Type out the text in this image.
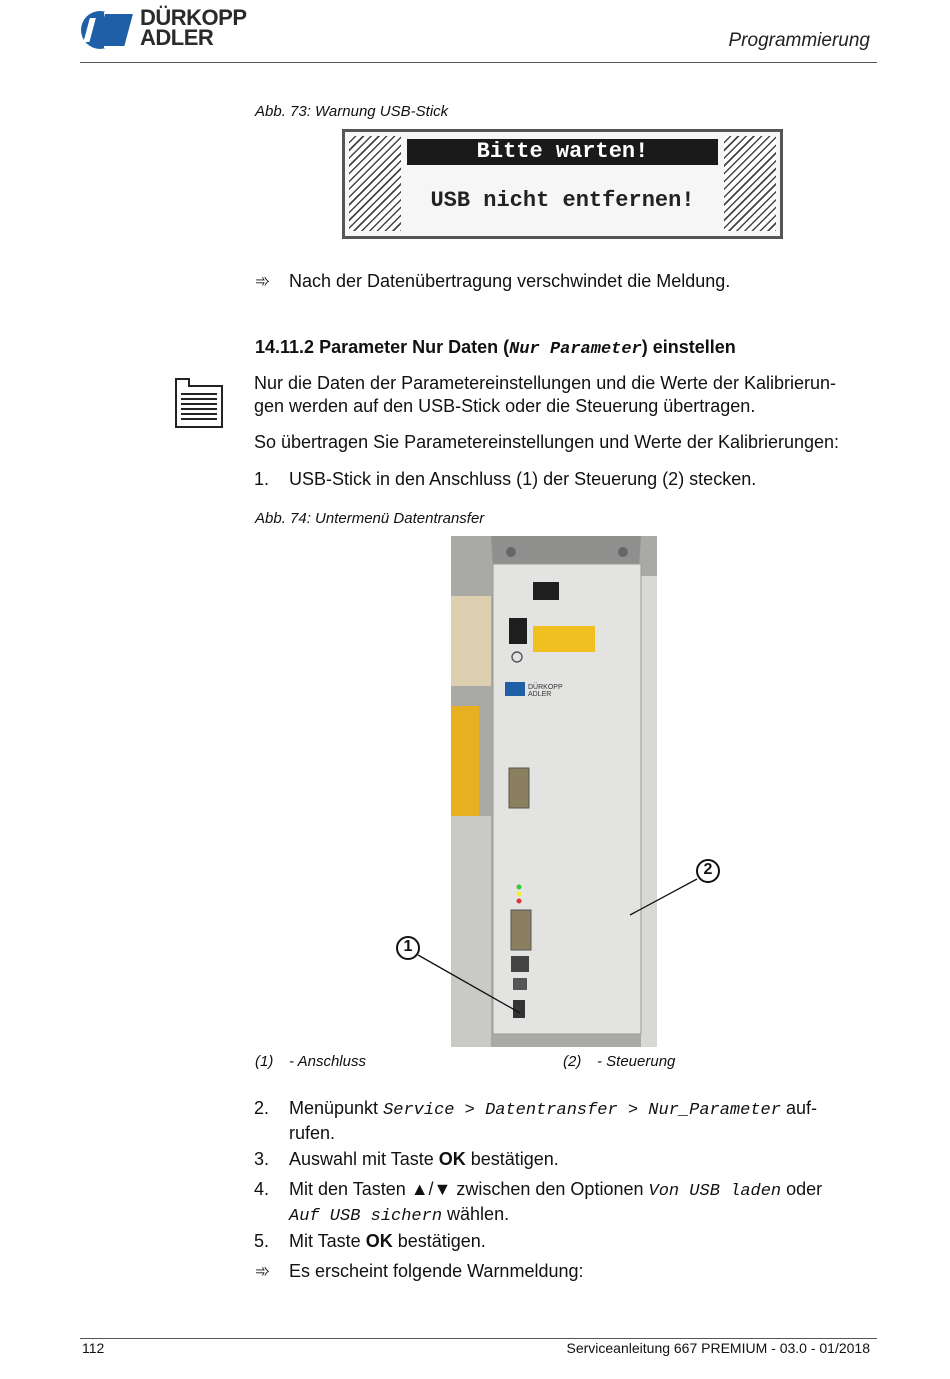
DÜRKOPP
ADLER	Programmierung
Abb. 73: Warnung USB-Stick
Bitte warten!
USB nicht entfernen!
➾	Nach der Datenübertragung verschwindet die Meldung.
14.11.2 Parameter Nur Daten (Nur Parameter) einstellen
Nur die Daten der Parametereinstellungen und die Werte der Kalibrierun-
gen werden auf den USB-Stick oder die Steuerung übertragen.
So übertragen Sie Parametereinstellungen und Werte der Kalibrierungen:
1. USB-Stick in den Anschluss (1) der Steuerung (2) stecken.
Abb. 74: Untermenü Datentransfer
DÜRKOPP
ADLER
1
2
(1) - Anschluss	(2) - Steuerung
2. Menüpunkt Service > Datentransfer > Nur_Parameter auf-
rufen.
3. Auswahl mit Taste OK bestätigen.
4. Mit den Tasten ▲/▼ zwischen den Optionen Von USB laden oder
Auf USB sichern wählen.
5. Mit Taste OK bestätigen.
➾	Es erscheint folgende Warnmeldung:
112	Serviceanleitung 667 PREMIUM - 03.0 - 01/2018
